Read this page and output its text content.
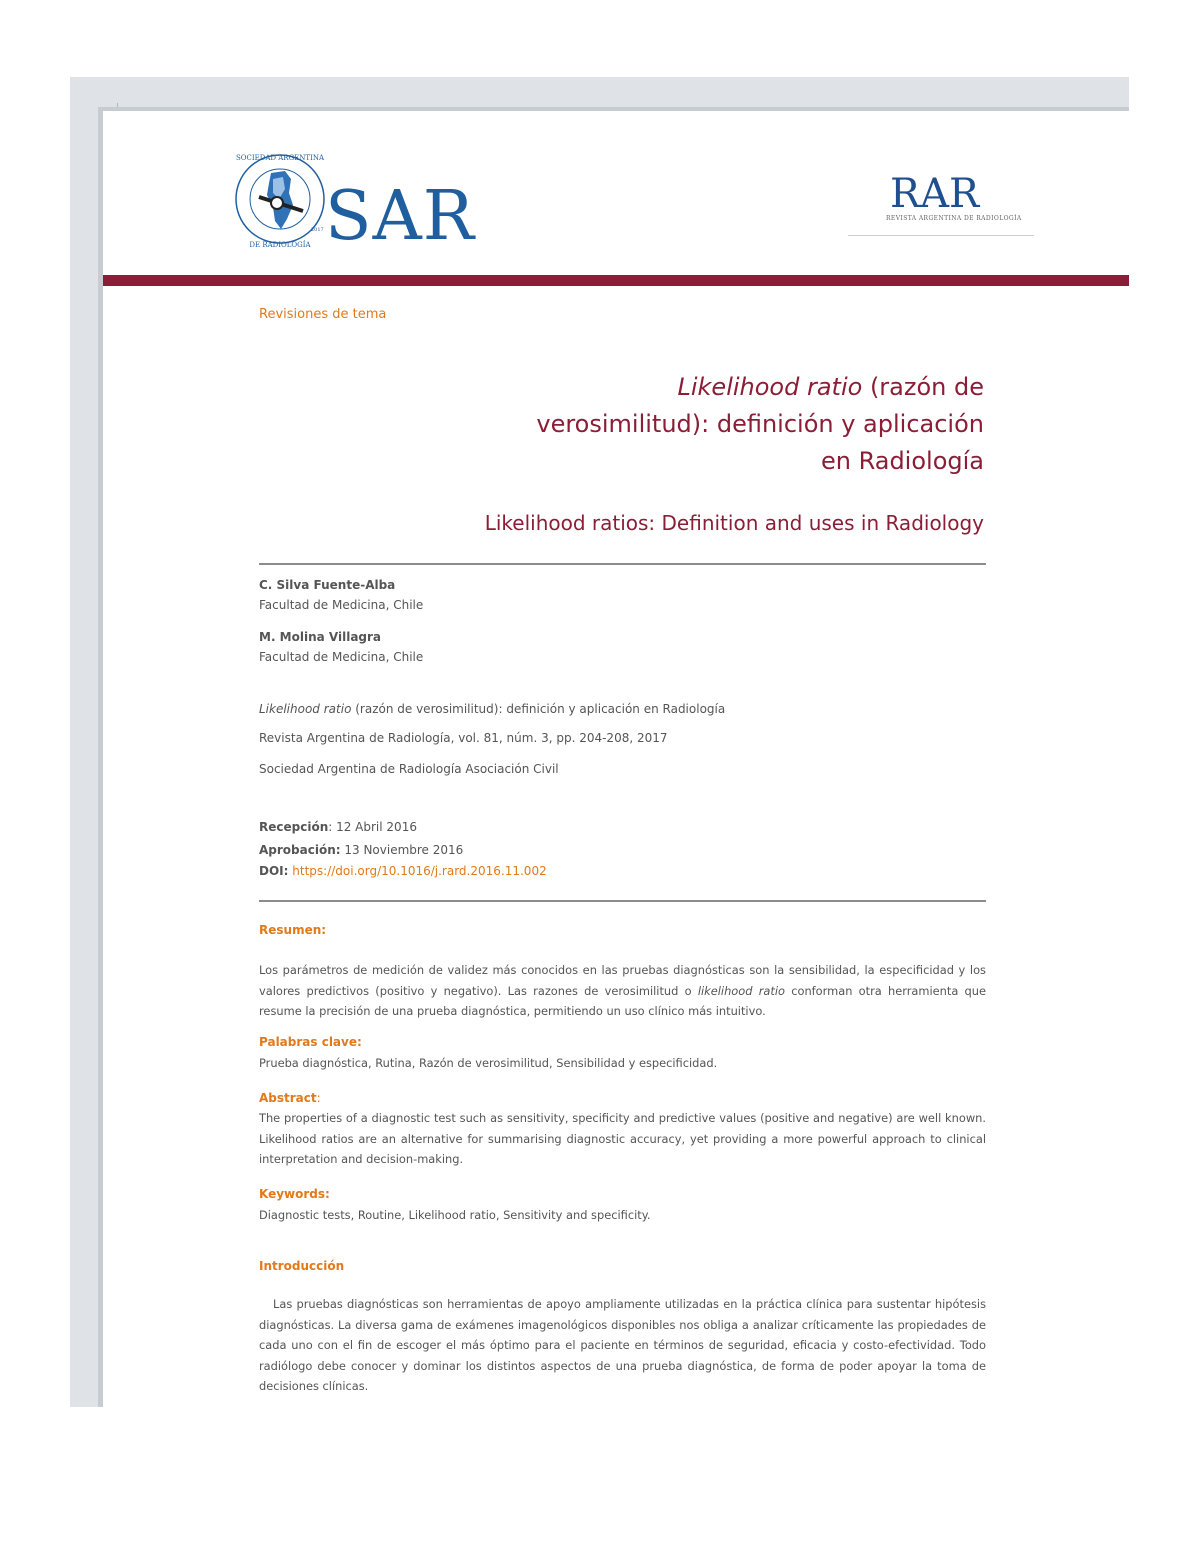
SOCIEDAD ARGENTINA
DE RADIOLOGÍA
2017 SAR	RAR
REVISTA ARGENTINA DE RADIOLOGÍA
Revisiones de tema
Likelihood ratio (razón de
verosimilitud): definición y aplicación
en Radiología
Likelihood ratios: Definition and uses in Radiology
C. Silva Fuente-Alba
Facultad de Medicina, Chile
M. Molina Villagra
Facultad de Medicina, Chile
Likelihood ratio (razón de verosimilitud): definición y aplicación en Radiología
Revista Argentina de Radiología, vol. 81, núm. 3, pp. 204-208, 2017
Sociedad Argentina de Radiología Asociación Civil
Recepción: 12 Abril 2016
Aprobación: 13 Noviembre 2016
DOI: https://doi.org/10.1016/j.rard.2016.11.002
Resumen:
Los parámetros de medición de validez más conocidos en las pruebas diagnósticas son la sensibilidad, la especificidad y los valores predictivos (positivo y negativo). Las razones de verosimilitud o likelihood ratio conforman otra herramienta que resume la precisión de una prueba diagnóstica, permitiendo un uso clínico más intuitivo.
Palabras clave:
Prueba diagnóstica, Rutina, Razón de verosimilitud, Sensibilidad y especificidad.
Abstract:
The properties of a diagnostic test such as sensitivity, specificity and predictive values (positive and negative) are well known. Likelihood ratios are an alternative for summarising diagnostic accuracy, yet providing a more powerful approach to clinical interpretation and decision-making.
Keywords:
Diagnostic tests, Routine, Likelihood ratio, Sensitivity and specificity.
Introducción
Las pruebas diagnósticas son herramientas de apoyo ampliamente utilizadas en la práctica clínica para sustentar hipótesis diagnósticas. La diversa gama de exámenes imagenológicos disponibles nos obliga a analizar críticamente las propiedades de cada uno con el fin de escoger el más óptimo para el paciente en términos de seguridad, eficacia y costo-efectividad. Todo radiólogo debe conocer y dominar los distintos aspectos de una prueba diagnóstica, de forma de poder apoyar la toma de decisiones clínicas.
